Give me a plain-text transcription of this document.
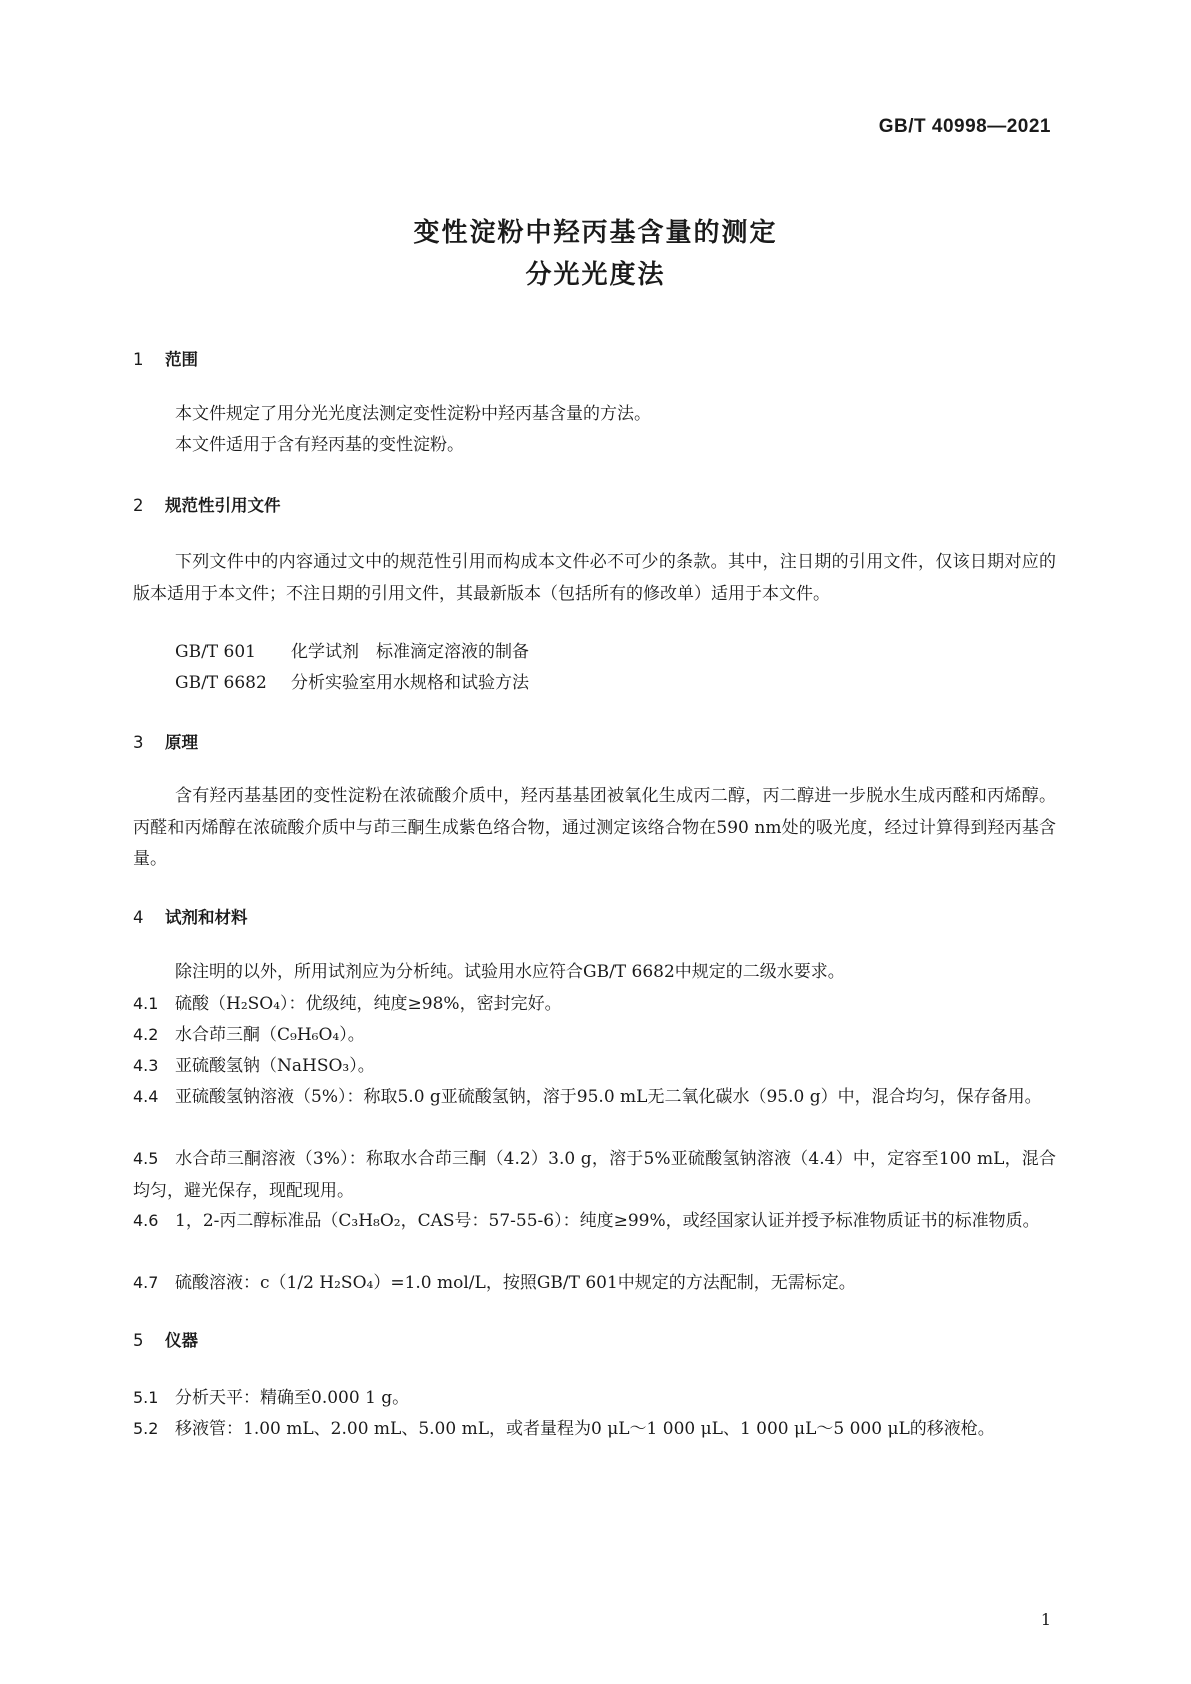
GB/T 40998—2021
变性淀粉中羟丙基含量的测定
分光光度法
1 范围
本文件规定了用分光光度法测定变性淀粉中羟丙基含量的方法。
本文件适用于含有羟丙基的变性淀粉。
2 规范性引用文件
下列文件中的内容通过文中的规范性引用而构成本文件必不可少的条款。其中，注日期的引用文件，仅该日期对应的版本适用于本文件；不注日期的引用文件，其最新版本（包括所有的修改单）适用于本文件。
GB/T 601 化学试剂　标准滴定溶液的制备
GB/T 6682 分析实验室用水规格和试验方法
3 原理
含有羟丙基基团的变性淀粉在浓硫酸介质中，羟丙基基团被氧化生成丙二醇，丙二醇进一步脱水生成丙醛和丙烯醇。丙醛和丙烯醇在浓硫酸介质中与茚三酮生成紫色络合物，通过测定该络合物在590 nm处的吸光度，经过计算得到羟丙基含量。
4 试剂和材料
除注明的以外，所用试剂应为分析纯。试验用水应符合GB/T 6682中规定的二级水要求。
4.1 硫酸（H₂SO₄）：优级纯，纯度≥98%，密封完好。
4.2 水合茚三酮（C₉H₆O₄）。
4.3 亚硫酸氢钠（NaHSO₃）。
4.4 亚硫酸氢钠溶液（5%）：称取5.0 g亚硫酸氢钠，溶于95.0 mL无二氧化碳水（95.0 g）中，混合均匀，保存备用。
4.5 水合茚三酮溶液（3%）：称取水合茚三酮（4.2）3.0 g，溶于5%亚硫酸氢钠溶液（4.4）中，定容至100 mL，混合均匀，避光保存，现配现用。
4.6 1，2-丙二醇标准品（C₃H₈O₂，CAS号：57-55-6）：纯度≥99%，或经国家认证并授予标准物质证书的标准物质。
4.7 硫酸溶液：c（1/2 H₂SO₄）=1.0 mol/L，按照GB/T 601中规定的方法配制，无需标定。
5 仪器
5.1 分析天平：精确至0.000 1 g。
5.2 移液管：1.00 mL、2.00 mL、5.00 mL，或者量程为0 μL～1 000 μL、1 000 μL～5 000 μL的移液枪。
1
